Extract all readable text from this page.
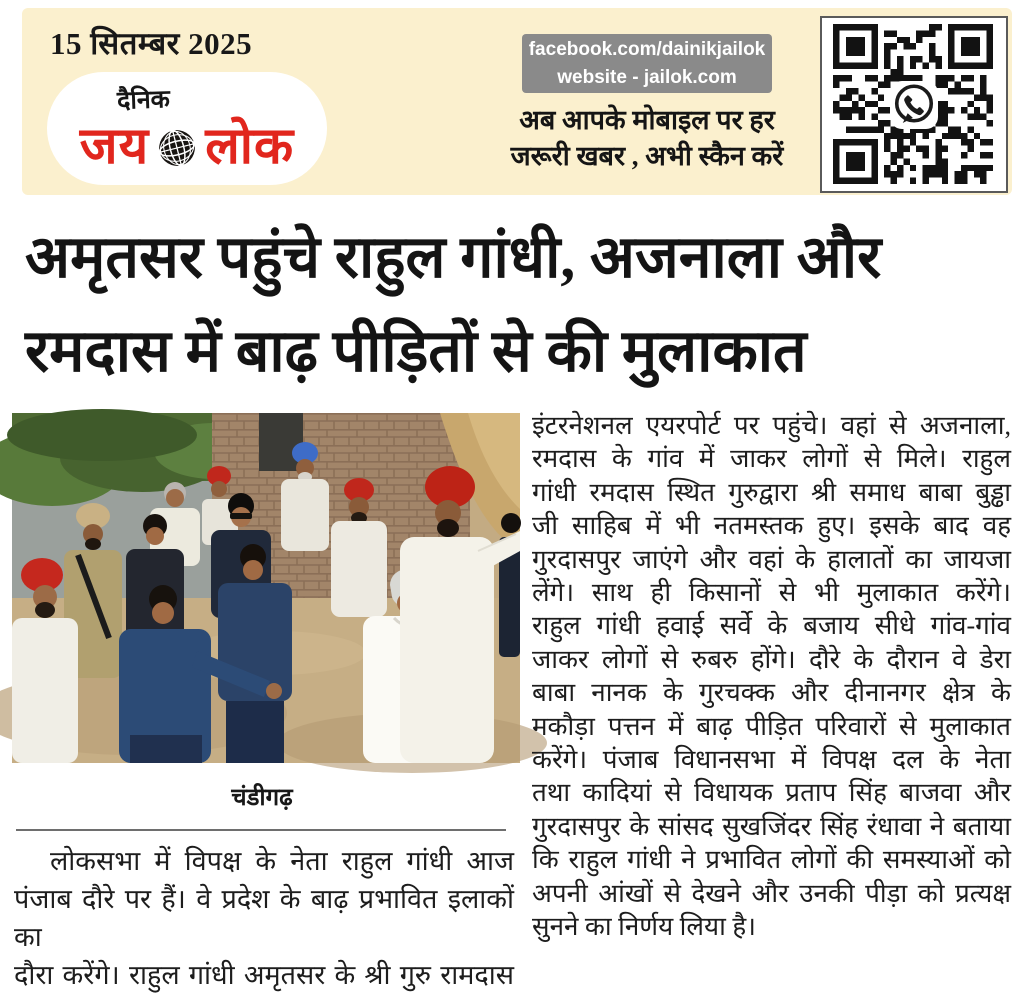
15 सितम्बर 2025
दैनिक
जय लोक
facebook.com/dainikjailok
website - jailok.com
अब आपके मोबाइल पर हर
जरूरी खबर , अभी स्कैन करें
अमृतसर पहुंचे राहुल गांधी, अजनाला और
रमदास में बाढ़ पीड़ितों से की मुलाकात
चंडीगढ़
लोकसभा में विपक्ष के नेता राहुल गांधी आज
पंजाब दौरे पर हैं। वे प्रदेश के बाढ़ प्रभावित इलाकों का
दौरा करेंगे। राहुल गांधी अमृतसर के श्री गुरु रामदास
इंटरनेशनल एयरपोर्ट पर पहुंचे। वहां से अजनाला,
रमदास के गांव में जाकर लोगों से मिले। राहुल
गांधी रमदास स्थित गुरुद्वारा श्री समाध बाबा बुड्ढा
जी साहिब में भी नतमस्तक हुए। इसके बाद वह
गुरदासपुर जाएंगे और वहां के हालातों का जायजा
लेंगे। साथ ही किसानों से भी मुलाकात करेंगे।
राहुल गांधी हवाई सर्वे के बजाय सीधे गांव-गांव
जाकर लोगों से रुबरु होंगे। दौरे के दौरान वे डेरा
बाबा नानक के गुरचक्क और दीनानगर क्षेत्र के
मकौड़ा पत्तन में बाढ़ पीड़ित परिवारों से मुलाकात
करेंगे। पंजाब विधानसभा में विपक्ष दल के नेता
तथा कादियां से विधायक प्रताप सिंह बाजवा और
गुरदासपुर के सांसद सुखजिंदर सिंह रंधावा ने बताया
कि राहुल गांधी ने प्रभावित लोगों की समस्याओं को
अपनी आंखों से देखने और उनकी पीड़ा को प्रत्यक्ष
सुनने का निर्णय लिया है।
